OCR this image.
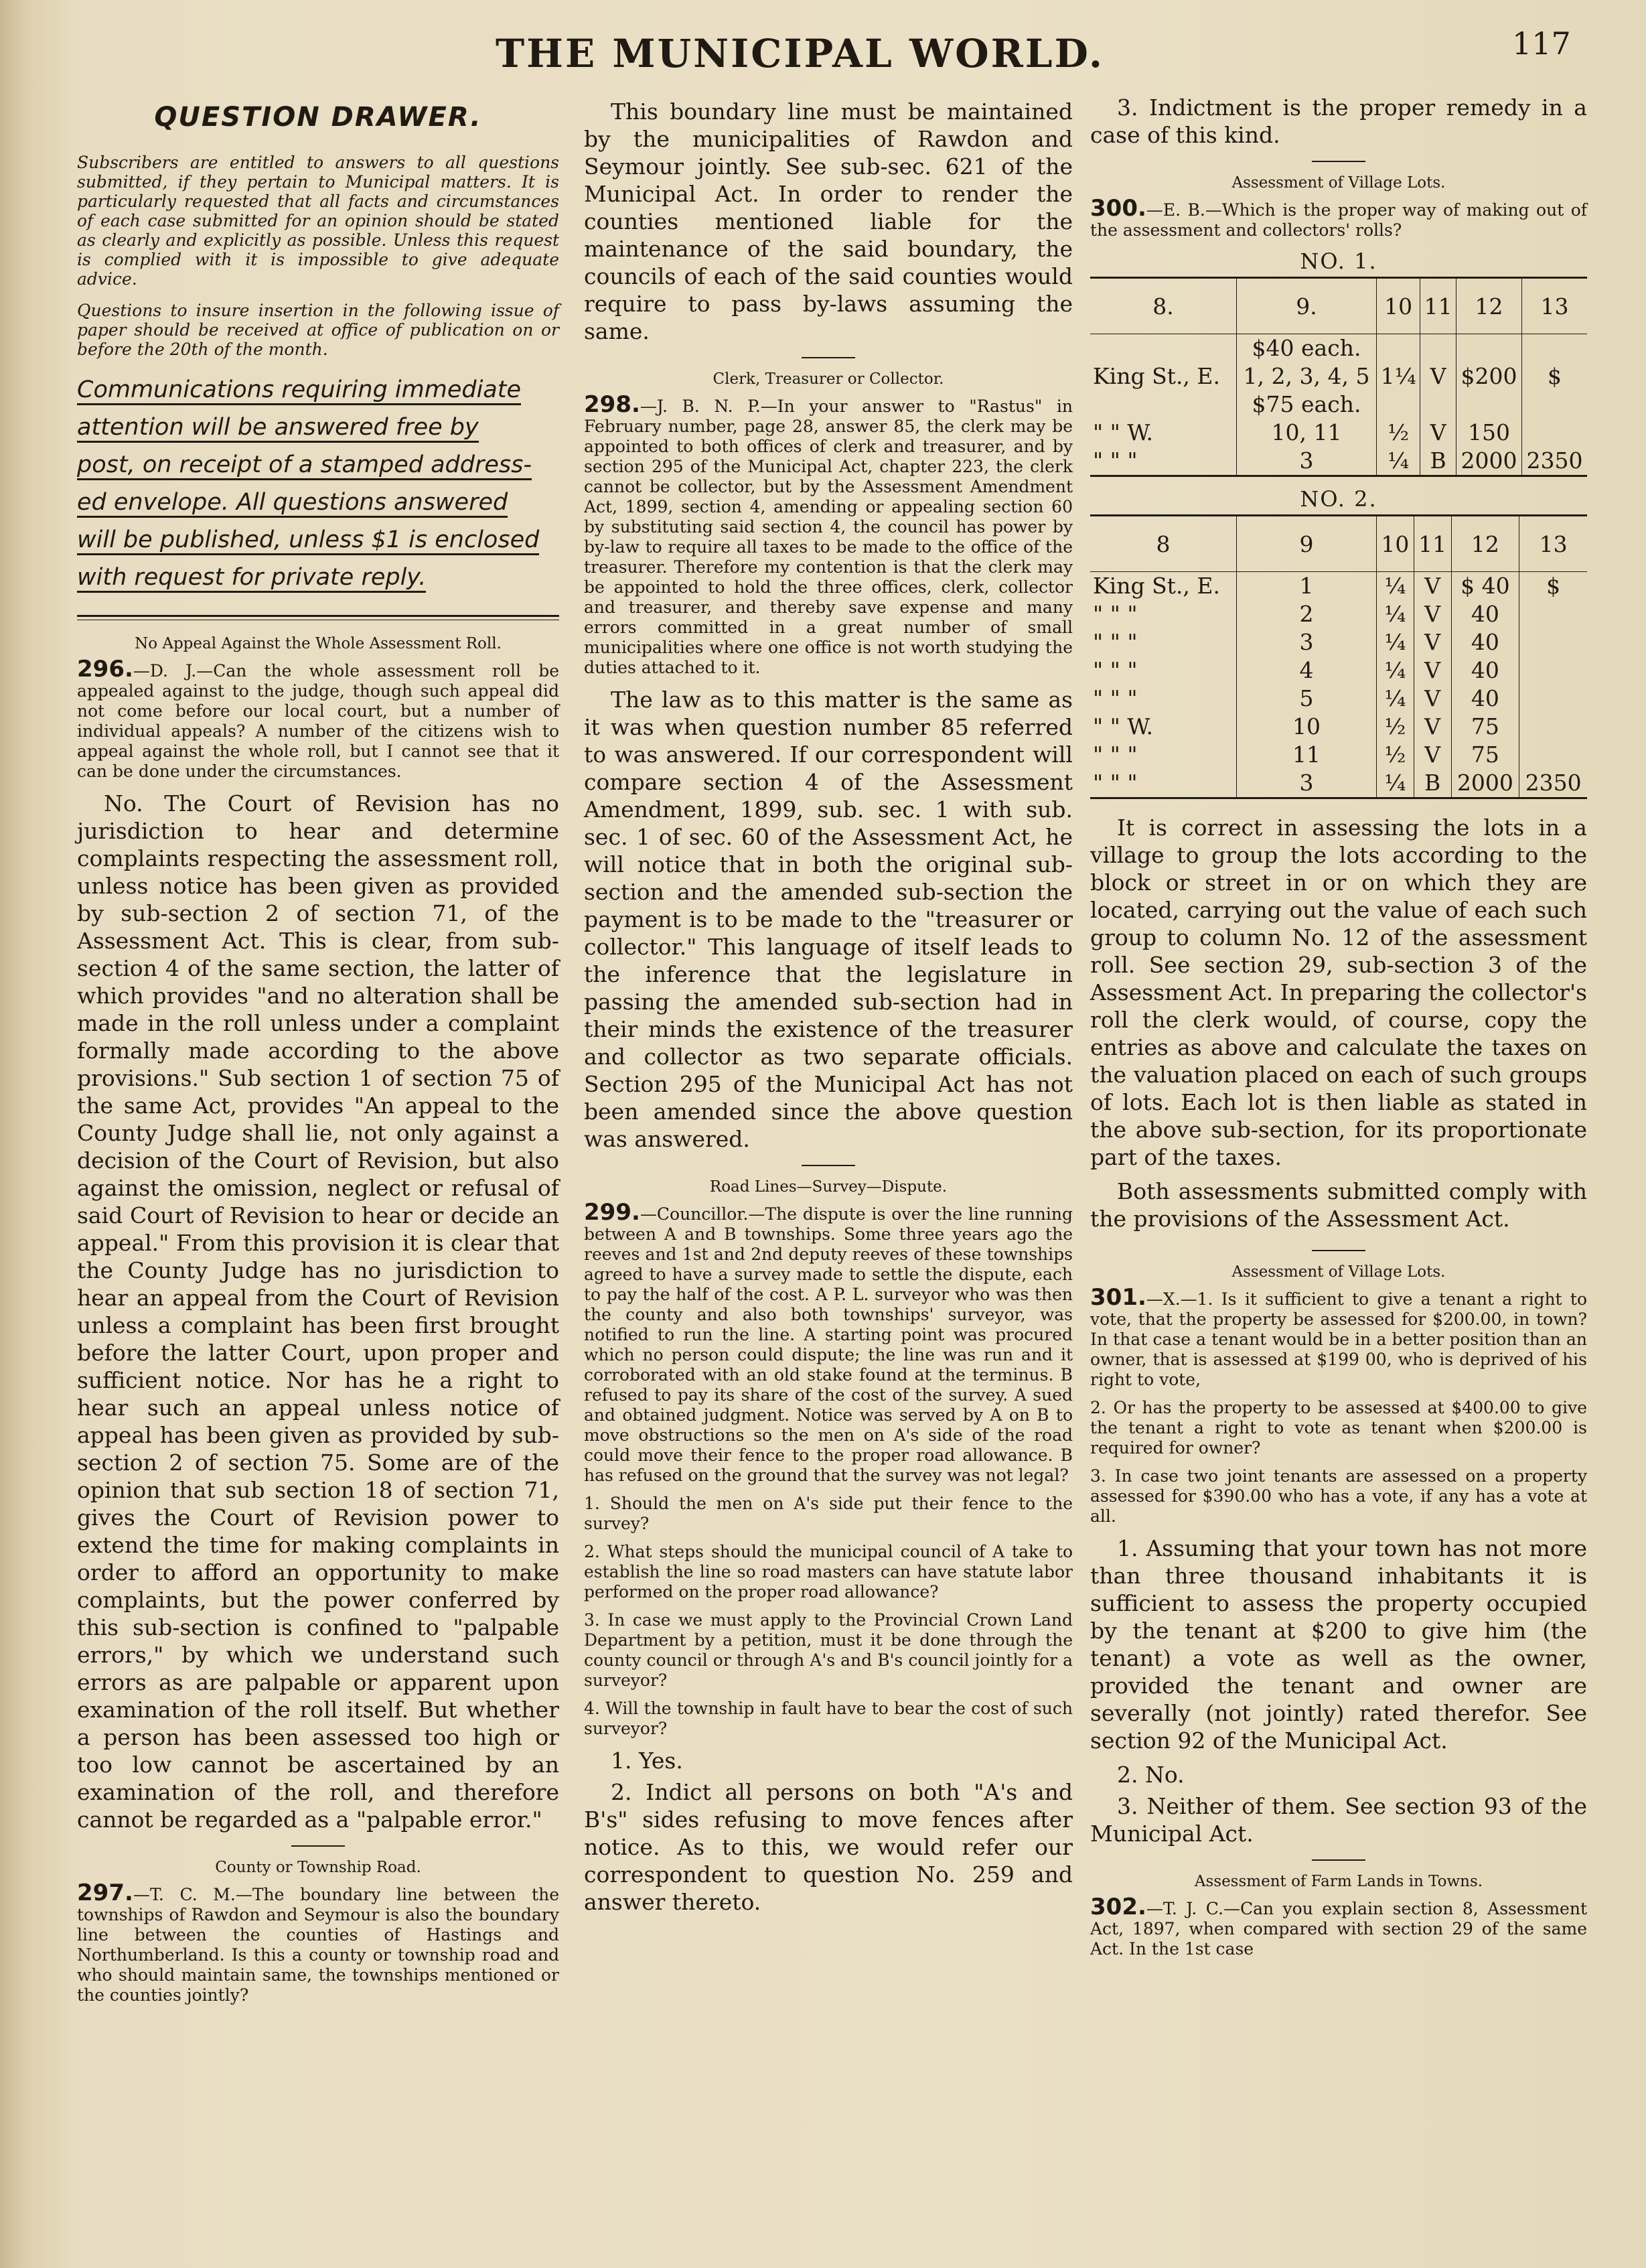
THE MUNICIPAL WORLD.	117
QUESTION DRAWER.

Subscribers are entitled to answers to all questions submitted, if they pertain to Municipal matters. It is particularly requested that all facts and circumstances of each case submitted for an opinion should be stated as clearly and explicitly as possible. Unless this request is complied with it is impossible to give adequate advice.

Questions to insure insertion in the following issue of paper should be received at office of publication on or before the 20th of the month.

Communications requiring immediate
attention will be answered free by
post, on receipt of a stamped address-
ed envelope. All questions answered
will be published, unless $1 is enclosed
with request for private reply.
No Appeal Against the Whole Assessment Roll.

296.—D. J.—Can the whole assessment roll be appealed against to the judge, though such appeal did not come before our local court, but a number of individual appeals? A number of the citizens wish to appeal against the whole roll, but I cannot see that it can be done under the circumstances.

No. The Court of Revision has no jurisdiction to hear and determine complaints respecting the assessment roll, unless notice has been given as provided by sub-section 2 of section 71, of the Assessment Act. This is clear, from sub-section 4 of the same section, the latter of which provides "and no alteration shall be made in the roll unless under a complaint formally made according to the above provisions." Sub section 1 of section 75 of the same Act, provides "An appeal to the County Judge shall lie, not only against a decision of the Court of Revision, but also against the omission, neglect or refusal of said Court of Revision to hear or decide an appeal." From this provision it is clear that the County Judge has no jurisdiction to hear an appeal from the Court of Revision unless a complaint has been first brought before the latter Court, upon proper and sufficient notice. Nor has he a right to hear such an appeal unless notice of appeal has been given as provided by sub-section 2 of section 75. Some are of the opinion that sub section 18 of section 71, gives the Court of Revision power to extend the time for making complaints in order to afford an opportunity to make complaints, but the power conferred by this sub-section is confined to "palpable errors," by which we understand such errors as are palpable or apparent upon examination of the roll itself. But whether a person has been assessed too high or too low cannot be ascertained by an examination of the roll, and therefore cannot be regarded as a "palpable error."

County or Township Road.

297.—T. C. M.—The boundary line between the townships of Rawdon and Seymour is also the boundary line between the counties of Hastings and Northumberland. Is this a county or township road and who should maintain same, the townships mentioned or the counties jointly?

This boundary line must be maintained by the municipalities of Rawdon and Seymour jointly. See sub-sec. 621 of the Municipal Act. In order to render the counties mentioned liable for the maintenance of the said boundary, the councils of each of the said counties would require to pass by-laws assuming the same.

Clerk, Treasurer or Collector.

298.—J. B. N. P.—In your answer to "Rastus" in February number, page 28, answer 85, the clerk may be appointed to both offices of clerk and treasurer, and by section 295 of the Municipal Act, chapter 223, the clerk cannot be collector, but by the Assessment Amendment Act, 1899, section 4, amending or appealing section 60 by substituting said section 4, the council has power by by-law to require all taxes to be made to the office of the treasurer. Therefore my contention is that the clerk may be appointed to hold the three offices, clerk, collector and treasurer, and thereby save expense and many errors committed in a great number of small municipalities where one office is not worth studying the duties attached to it.

The law as to this matter is the same as it was when question number 85 referred to was answered. If our correspondent will compare section 4 of the Assessment Amendment, 1899, sub. sec. 1 with sub. sec. 1 of sec. 60 of the Assessment Act, he will notice that in both the original sub-section and the amended sub-section the payment is to be made to the "treasurer or collector." This language of itself leads to the inference that the legislature in passing the amended sub-section had in their minds the existence of the treasurer and collector as two separate officials. Section 295 of the Municipal Act has not been amended since the above question was answered.

Road Lines—Survey—Dispute.

299.—Councillor.—The dispute is over the line running between A and B townships. Some three years ago the reeves and 1st and 2nd deputy reeves of these townships agreed to have a survey made to settle the dispute, each to pay the half of the cost. A P. L. surveyor who was then the county and also both townships' surveyor, was notified to run the line. A starting point was procured which no person could dispute; the line was run and it corroborated with an old stake found at the terminus. B refused to pay its share of the cost of the survey. A sued and obtained judgment. Notice was served by A on B to move obstructions so the men on A's side of the road could move their fence to the proper road allowance. B has refused on the ground that the survey was not legal?

1. Should the men on A's side put their fence to the survey?

2. What steps should the municipal council of A take to establish the line so road masters can have statute labor performed on the proper road allowance?

3. In case we must apply to the Provincial Crown Land Department by a petition, must it be done through the county council or through A's and B's council jointly for a surveyor?

4. Will the township in fault have to bear the cost of such surveyor?

1. Yes.

2. Indict all persons on both "A's and B's" sides refusing to move fences after notice. As to this, we would refer our correspondent to question No. 259 and answer thereto.

3. Indictment is the proper remedy in a case of this kind.

Assessment of Village Lots.

300.—E. B.—Which is the proper way of making out of the assessment and collectors' rolls?

NO. 1.
8.	9.	10	11	12	13
	$40 each.				
King St., E.	1, 2, 3, 4, 5	1¼	V	$200	$
	$75 each.				
" " W.	10, 11	½	V	150	
" " "	3	¼	B	2000	2350
NO. 2.
8	9	10	11	12	13
King St., E.	1	¼	V	$ 40	$
" " "	2	¼	V	40	
" " "	3	¼	V	40	
" " "	4	¼	V	40	
" " "	5	¼	V	40	
" " W.	10	½	V	75	
" " "	11	½	V	75	
" " "	3	¼	B	2000	2350

It is correct in assessing the lots in a village to group the lots according to the block or street in or on which they are located, carrying out the value of each such group to column No. 12 of the assessment roll. See section 29, sub-section 3 of the Assessment Act. In preparing the collector's roll the clerk would, of course, copy the entries as above and calculate the taxes on the valuation placed on each of such groups of lots. Each lot is then liable as stated in the above sub-section, for its proportionate part of the taxes.

Both assessments submitted comply with the provisions of the Assessment Act.

Assessment of Village Lots.

301.—X.—1. Is it sufficient to give a tenant a right to vote, that the property be assessed for $200.00, in town? In that case a tenant would be in a better position than an owner, that is assessed at $199 00, who is deprived of his right to vote,

2. Or has the property to be assessed at $400.00 to give the tenant a right to vote as tenant when $200.00 is required for owner?

3. In case two joint tenants are assessed on a property assessed for $390.00 who has a vote, if any has a vote at all.

1. Assuming that your town has not more than three thousand inhabitants it is sufficient to assess the property occupied by the tenant at $200 to give him (the tenant) a vote as well as the owner, provided the tenant and owner are severally (not jointly) rated therefor. See section 92 of the Municipal Act.

2. No.

3. Neither of them. See section 93 of the Municipal Act.

Assessment of Farm Lands in Towns.

302.—T. J. C.—Can you explain section 8, Assessment Act, 1897, when compared with section 29 of the same Act. In the 1st case
